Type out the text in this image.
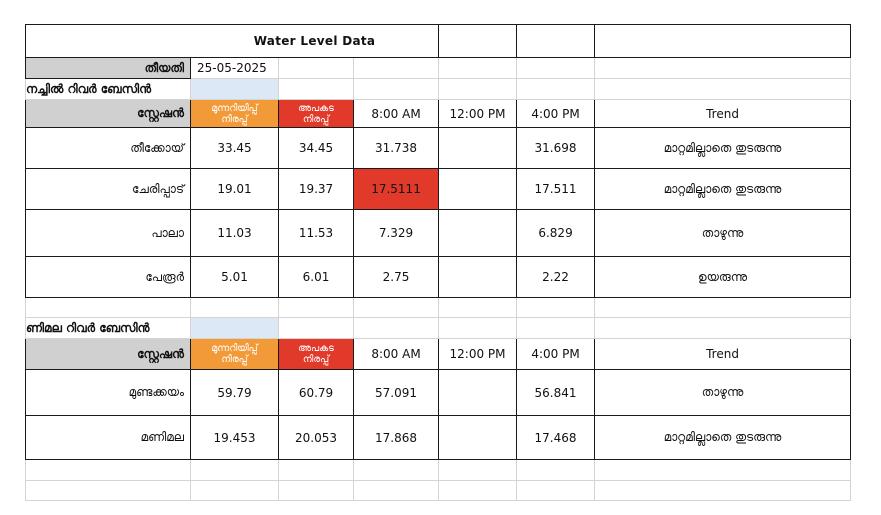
	Water Level Data					
തീയതി	25-05-2025					
നച്ചിൽ റിവർ ബേസിൻ						
സ്റ്റേഷൻ	മുന്നറിയിപ്പ് നിരപ്പ്	അപകട നിരപ്പ്	8:00 AM	12:00 PM	4:00 PM	Trend
തീക്കോയ്	33.45	34.45	31.738		31.698	മാറ്റമില്ലാതെ തുടരുന്നു
ചേരിപ്പാട്	19.01	19.37	17.5111		17.511	മാറ്റമില്ലാതെ തുടരുന്നു
പാലാ	11.03	11.53	7.329		6.829	താഴുന്നു
പേരൂർ	5.01	6.01	2.75		2.22	ഉയരുന്നു

ണിമല റിവർ ബേസിൻ						
സ്റ്റേഷൻ	മുന്നറിയിപ്പ് നിരപ്പ്	അപകട നിരപ്പ്	8:00 AM	12:00 PM	4:00 PM	Trend
മുണ്ടക്കയം	59.79	60.79	57.091		56.841	താഴുന്നു
മണിമല	19.453	20.053	17.868		17.468	മാറ്റമില്ലാതെ തുടരുന്നു
